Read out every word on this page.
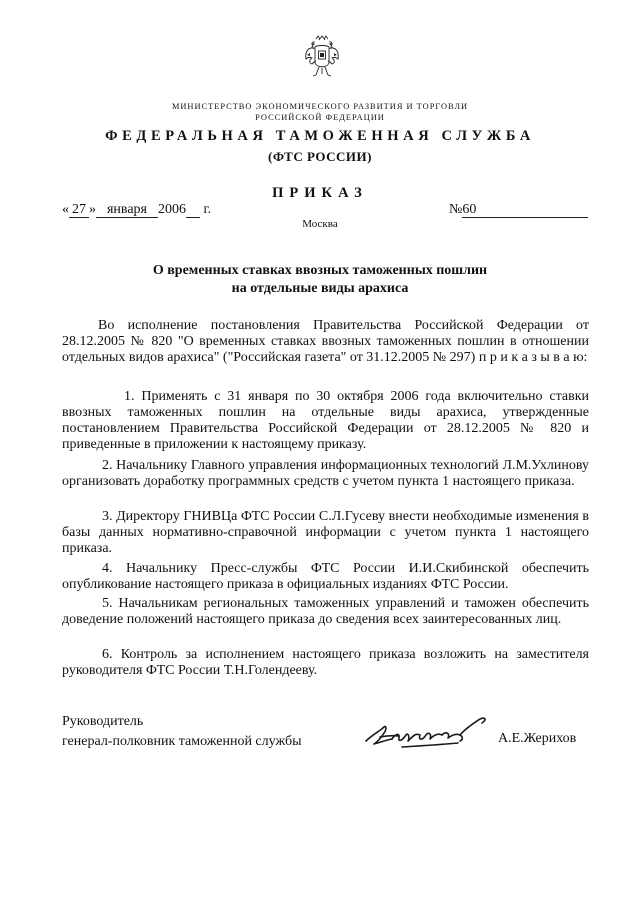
МИНИСТЕРСТВО ЭКОНОМИЧЕСКОГО РАЗВИТИЯ И ТОРГОВЛИ
РОССИЙСКОЙ ФЕДЕРАЦИИ
ФЕДЕРАЛЬНАЯ ТАМОЖЕННАЯ СЛУЖБА
(ФТС РОССИИ)
ПРИКАЗ
« 27 » января 2006 г.	№60
Москва
О временных ставках ввозных таможенных пошлин
на отдельные виды арахиса
Во исполнение постановления Правительства Российской Федерации от 28.12.2005 № 820 "О временных ставках ввозных таможенных пошлин в отношении отдельных видов арахиса" ("Российская газета" от 31.12.2005 № 297) п р и к а з ы в а ю:
1. Применять с 31 января по 30 октября 2006 года включительно ставки ввозных таможенных пошлин на отдельные виды арахиса, утвержденные постановлением Правительства Российской Федерации от 28.12.2005 № 820 и приведенные в приложении к настоящему приказу.
2. Начальнику Главного управления информационных технологий Л.М.Ухлинову организовать доработку программных средств с учетом пункта 1 настоящего приказа.
3. Директору ГНИВЦа ФТС России С.Л.Гусеву внести необходимые изменения в базы данных нормативно-справочной информации с учетом пункта 1 настоящего приказа.
4. Начальнику Пресс-службы ФТС России И.И.Скибинской обеспечить опубликование настоящего приказа в официальных изданиях ФТС России.
5. Начальникам региональных таможенных управлений и таможен обеспечить доведение положений настоящего приказа до сведения всех заинтересованных лиц.
6. Контроль за исполнением настоящего приказа возложить на заместителя руководителя ФТС России Т.Н.Голендееву.
Руководитель
генерал-полковник таможенной службы	А.Е.Жерихов
